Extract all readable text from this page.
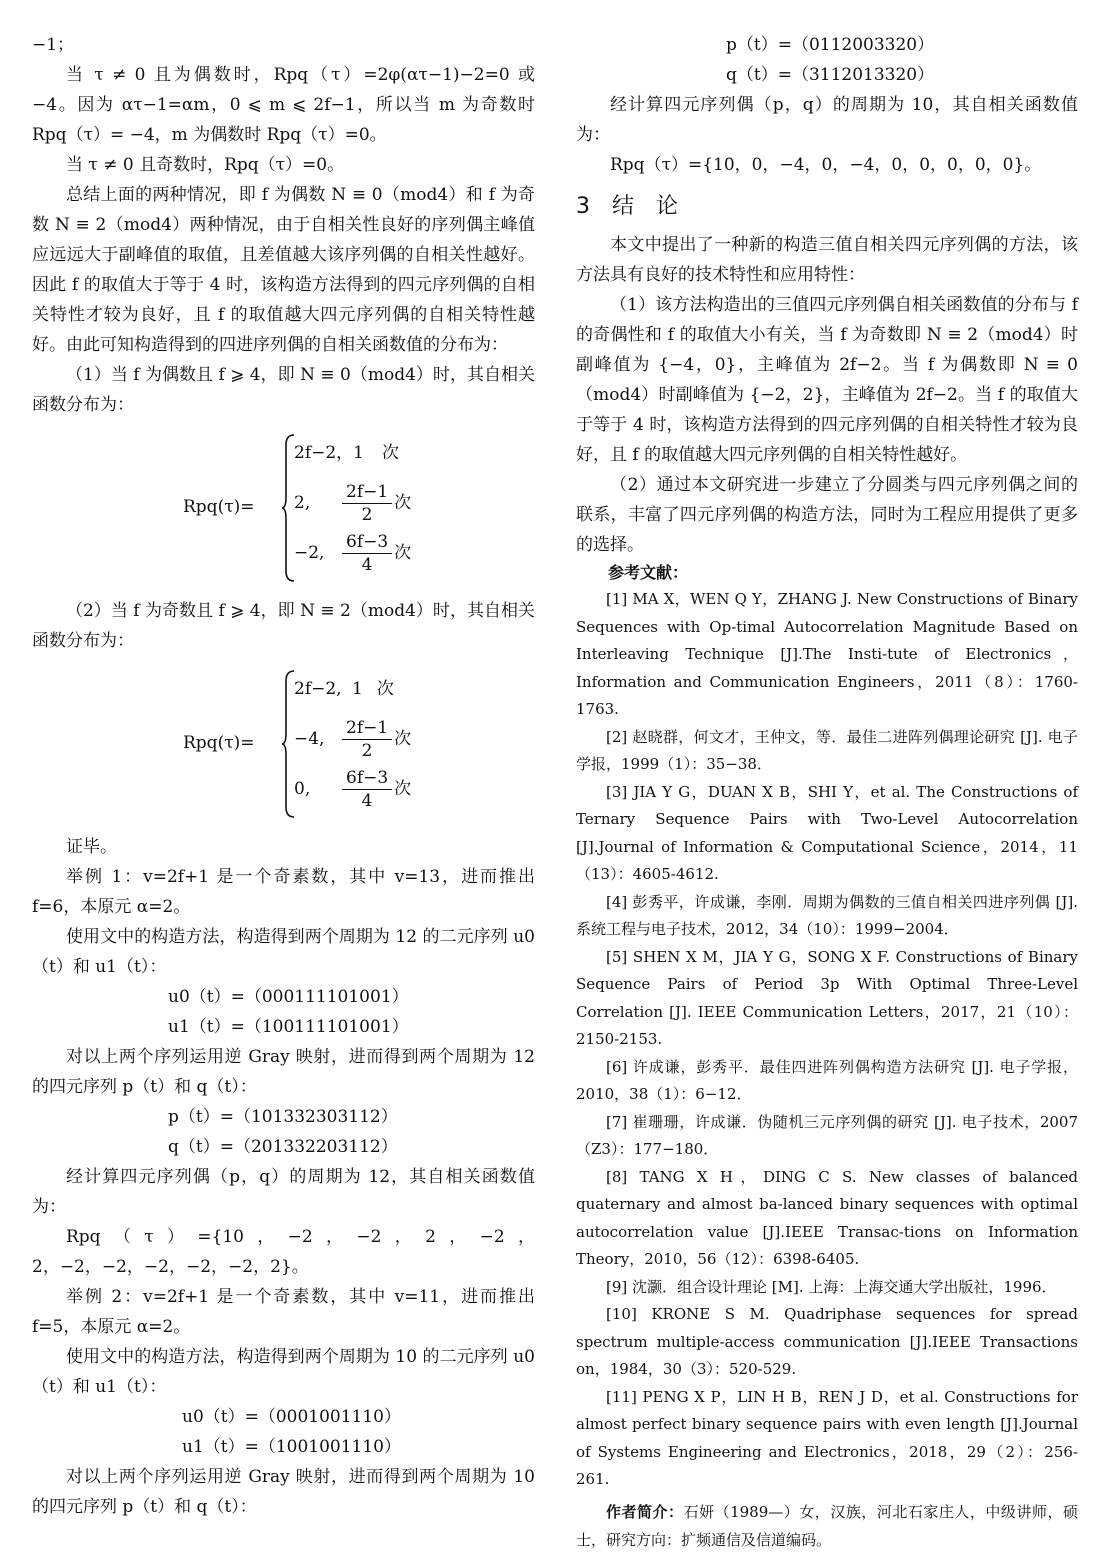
−1；

当 τ ≠ 0 且为偶数时，Rpq（τ）=2φ(ατ−1)−2=0 或 −4。因为 ατ−1=αm，0 ⩽ m ⩽ 2f−1，所以当 m 为奇数时 Rpq（τ）= −4，m 为偶数时 Rpq（τ）=0。

当 τ ≠ 0 且奇数时，Rpq（τ）=0。

总结上面的两种情况，即 f 为偶数 N ≡ 0（mod4）和 f 为奇数 N ≡ 2（mod4）两种情况，由于自相关性良好的序列偶主峰值应远远大于副峰值的取值，且差值越大该序列偶的自相关性越好。因此 f 的取值大于等于 4 时，该构造方法得到的四元序列偶的自相关特性才较为良好，且 f 的取值越大四元序列偶的自相关特性越好。由此可知构造得到的四进序列偶的自相关函数值的分布为：

（1）当 f 为偶数且 f ⩾ 4，即 N ≡ 0（mod4）时，其自相关函数分布为：

Rpq(τ)=
2f−2，1 次
2,	$\frac{2f-1}{2}$ 次
−2,	$\frac{6f-3}{4}$ 次

（2）当 f 为奇数且 f ⩾ 4，即 N ≡ 2（mod4）时，其自相关函数分布为：

Rpq(τ)=
2f−2, 1 次
−4,	$\frac{2f-1}{2}$ 次
0,	$\frac{6f-3}{4}$ 次

证毕。

举例 1：v=2f+1 是一个奇素数，其中 v=13，进而推出 f=6，本原元 α=2。

使用文中的构造方法，构造得到两个周期为 12 的二元序列 u0（t）和 u1（t）：

u0（t）=（000111101001）

u1（t）=（100111101001）

对以上两个序列运用逆 Gray 映射，进而得到两个周期为 12 的四元序列 p（t）和 q（t）：

p（t）=（101332303112）

q（t）=（201332203112）

经计算四元序列偶（p，q）的周期为 12，其自相关函数值为：

Rpq（τ）={10，−2，−2，2，−2，2，−2，−2，−2，−2，−2，2}。

举例 2：v=2f+1 是一个奇素数，其中 v=11，进而推出 f=5，本原元 α=2。

使用文中的构造方法，构造得到两个周期为 10 的二元序列 u0（t）和 u1（t）：

u0（t）=（0001001110）

u1（t）=（1001001110）

对以上两个序列运用逆 Gray 映射，进而得到两个周期为 10 的四元序列 p（t）和 q（t）：

p（t）=（0112003320）

q（t）=（3112013320）

经计算四元序列偶（p，q）的周期为 10，其自相关函数值为：

Rpq（τ）={10，0，−4，0，−4，0，0，0，0，0}。

3　结　论

本文中提出了一种新的构造三值自相关四元序列偶的方法，该方法具有良好的技术特性和应用特性：

（1）该方法构造出的三值四元序列偶自相关函数值的分布与 f 的奇偶性和 f 的取值大小有关，当 f 为奇数即 N ≡ 2（mod4）时副峰值为 {−4，0}，主峰值为 2f−2。当 f 为偶数即 N ≡ 0（mod4）时副峰值为 {−2，2}，主峰值为 2f−2。当 f 的取值大于等于 4 时，该构造方法得到的四元序列偶的自相关特性才较为良好，且 f 的取值越大四元序列偶的自相关特性越好。

（2）通过本文研究进一步建立了分圆类与四元序列偶之间的联系，丰富了四元序列偶的构造方法，同时为工程应用提供了更多的选择。

参考文献：

[1] MA X，WEN Q Y，ZHANG J. New Constructions of Binary Sequences with Op-timal Autocorrelation Magnitude Based on Interleaving Technique [J].The Insti-tute of Electronics，Information and Communication Engineers，2011（8）：1760-1763.

[2] 赵晓群，何文才，王仲文，等．最佳二进阵列偶理论研究 [J]. 电子学报，1999（1）：35−38．

[3] JIA Y G，DUAN X B，SHI Y，et al. The Constructions of Ternary Sequence Pairs with Two-Level Autocorrelation [J].Journal of Information & Computational Science，2014，11（13）：4605-4612.

[4] 彭秀平，许成谦，李刚．周期为偶数的三值自相关四进序列偶 [J]. 系统工程与电子技术，2012，34（10）：1999−2004．

[5] SHEN X M，JIA Y G，SONG X F. Constructions of Binary Sequence Pairs of Period 3p With Optimal Three-Level Correlation [J]. IEEE Communication Letters，2017，21（10）：2150-2153.

[6] 许成谦，彭秀平．最佳四进阵列偶构造方法研究 [J]. 电子学报，2010，38（1）：6−12．

[7] 崔珊珊，许成谦．伪随机三元序列偶的研究 [J]. 电子技术，2007（Z3）：177−180．

[8] TANG X H，DING C S. New classes of balanced quaternary and almost ba-lanced binary sequences with optimal autocorrelation value [J].IEEE Transac-tions on Information Theory，2010，56（12）：6398-6405.

[9] 沈灏．组合设计理论 [M]. 上海：上海交通大学出版社，1996．

[10] KRONE S M. Quadriphase sequences for spread spectrum multiple-access communication [J].IEEE Transactions on，1984，30（3）：520-529.

[11] PENG X P，LIN H B，REN J D，et al. Constructions for almost perfect binary sequence pairs with even length [J].Journal of Systems Engineering and Electronics，2018，29（2）：256-261.

作者简介：石妍（1989—）女，汉族，河北石家庄人，中级讲师，硕士，研究方向：扩频通信及信道编码。
